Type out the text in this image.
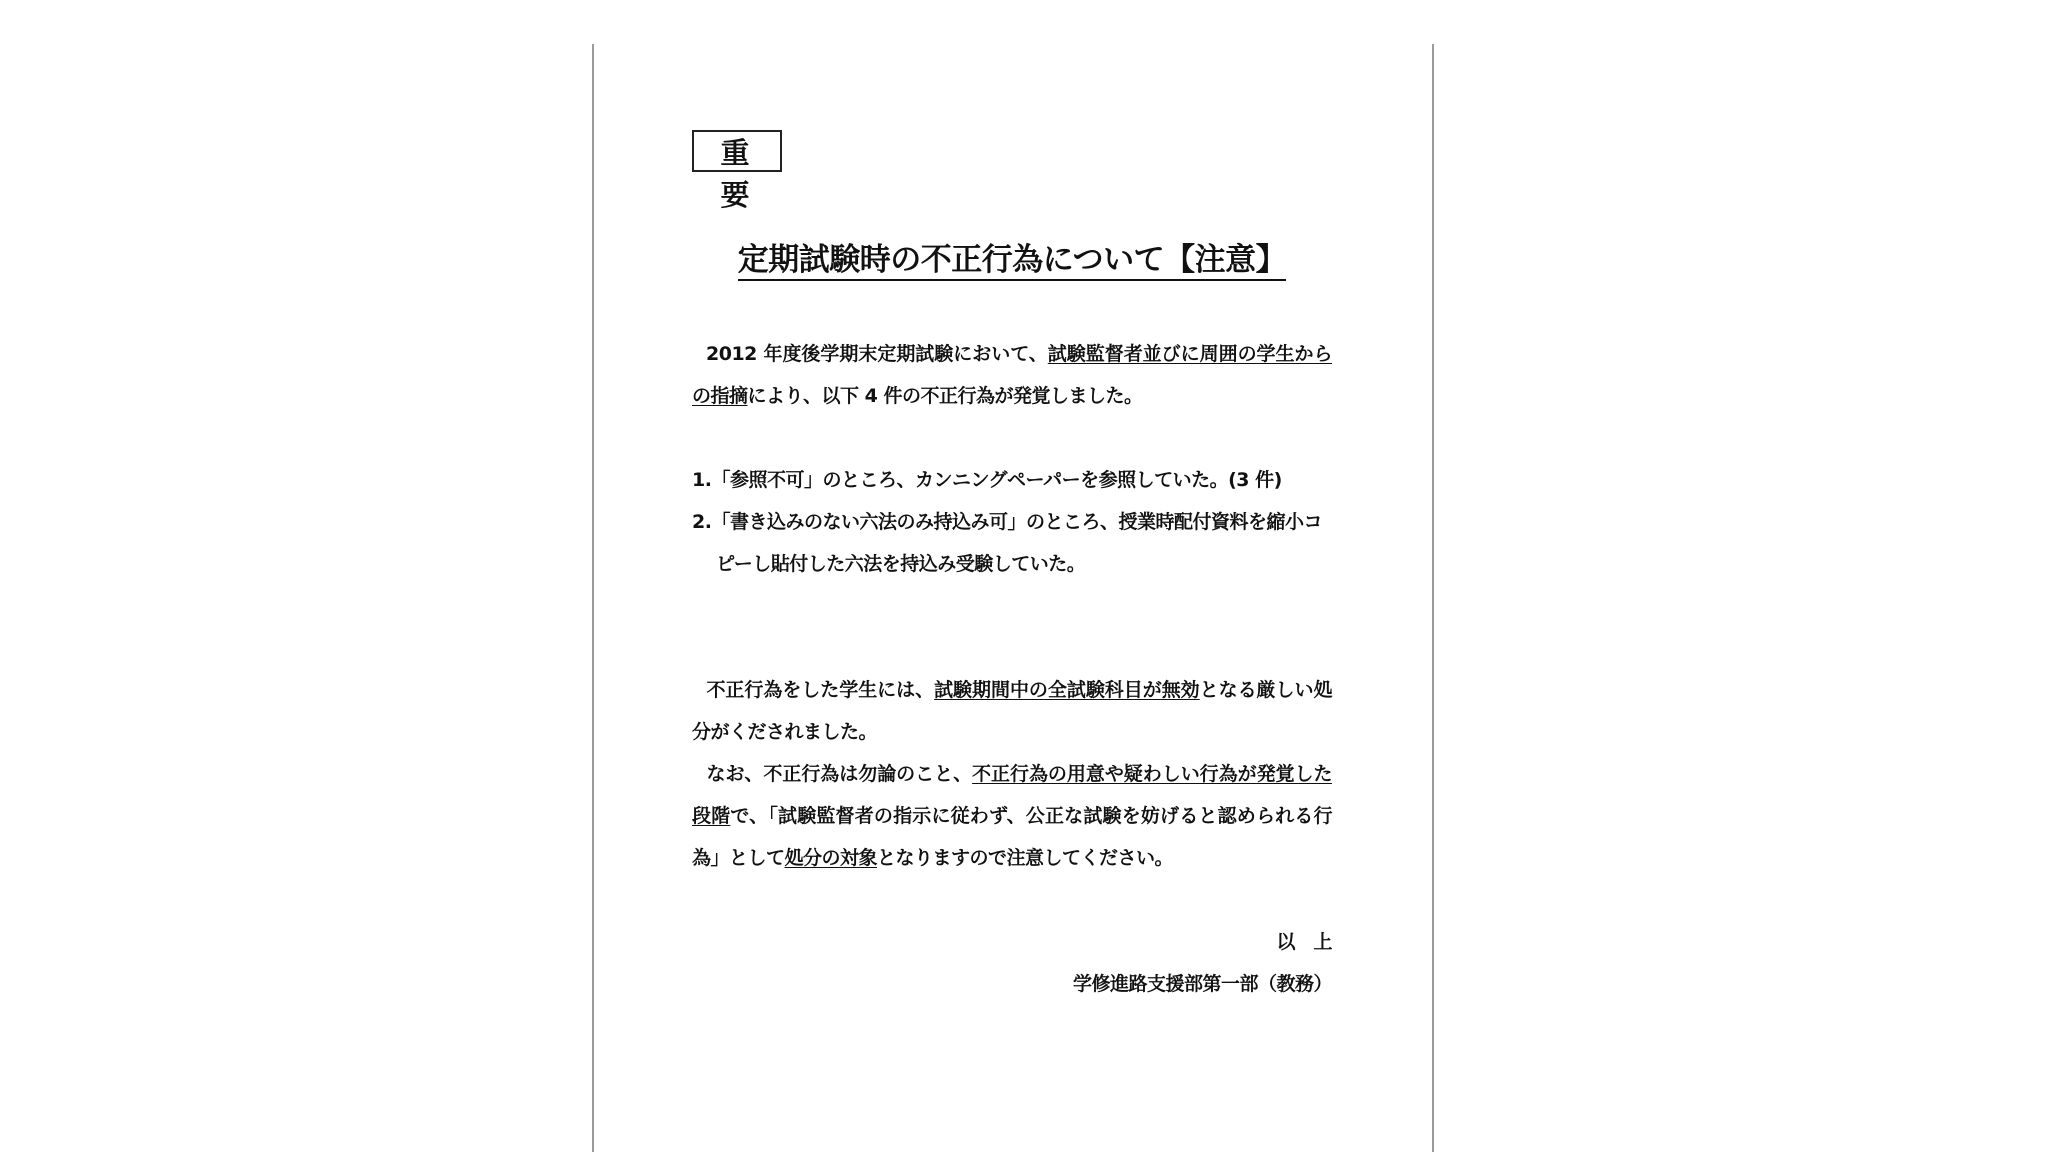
重　要
定期試験時の不正行為について【注意】
2012 年度後学期末定期試験において、試験監督者並びに周囲の学生からの指摘により、以下 4 件の不正行為が発覚しました。
1.「参照不可」のところ、カンニングペーパーを参照していた。(3 件)
2.「書き込みのない六法のみ持込み可」のところ、授業時配付資料を縮小コ
ピーし貼付した六法を持込み受験していた。
不正行為をした学生には、試験期間中の全試験科目が無効となる厳しい処分がくだされました。
なお、不正行為は勿論のこと、不正行為の用意や疑わしい行為が発覚した段階で、「試験監督者の指示に従わず、公正な試験を妨げると認められる行為」として処分の対象となりますので注意してください。
以　上
学修進路支援部第一部（教務）
